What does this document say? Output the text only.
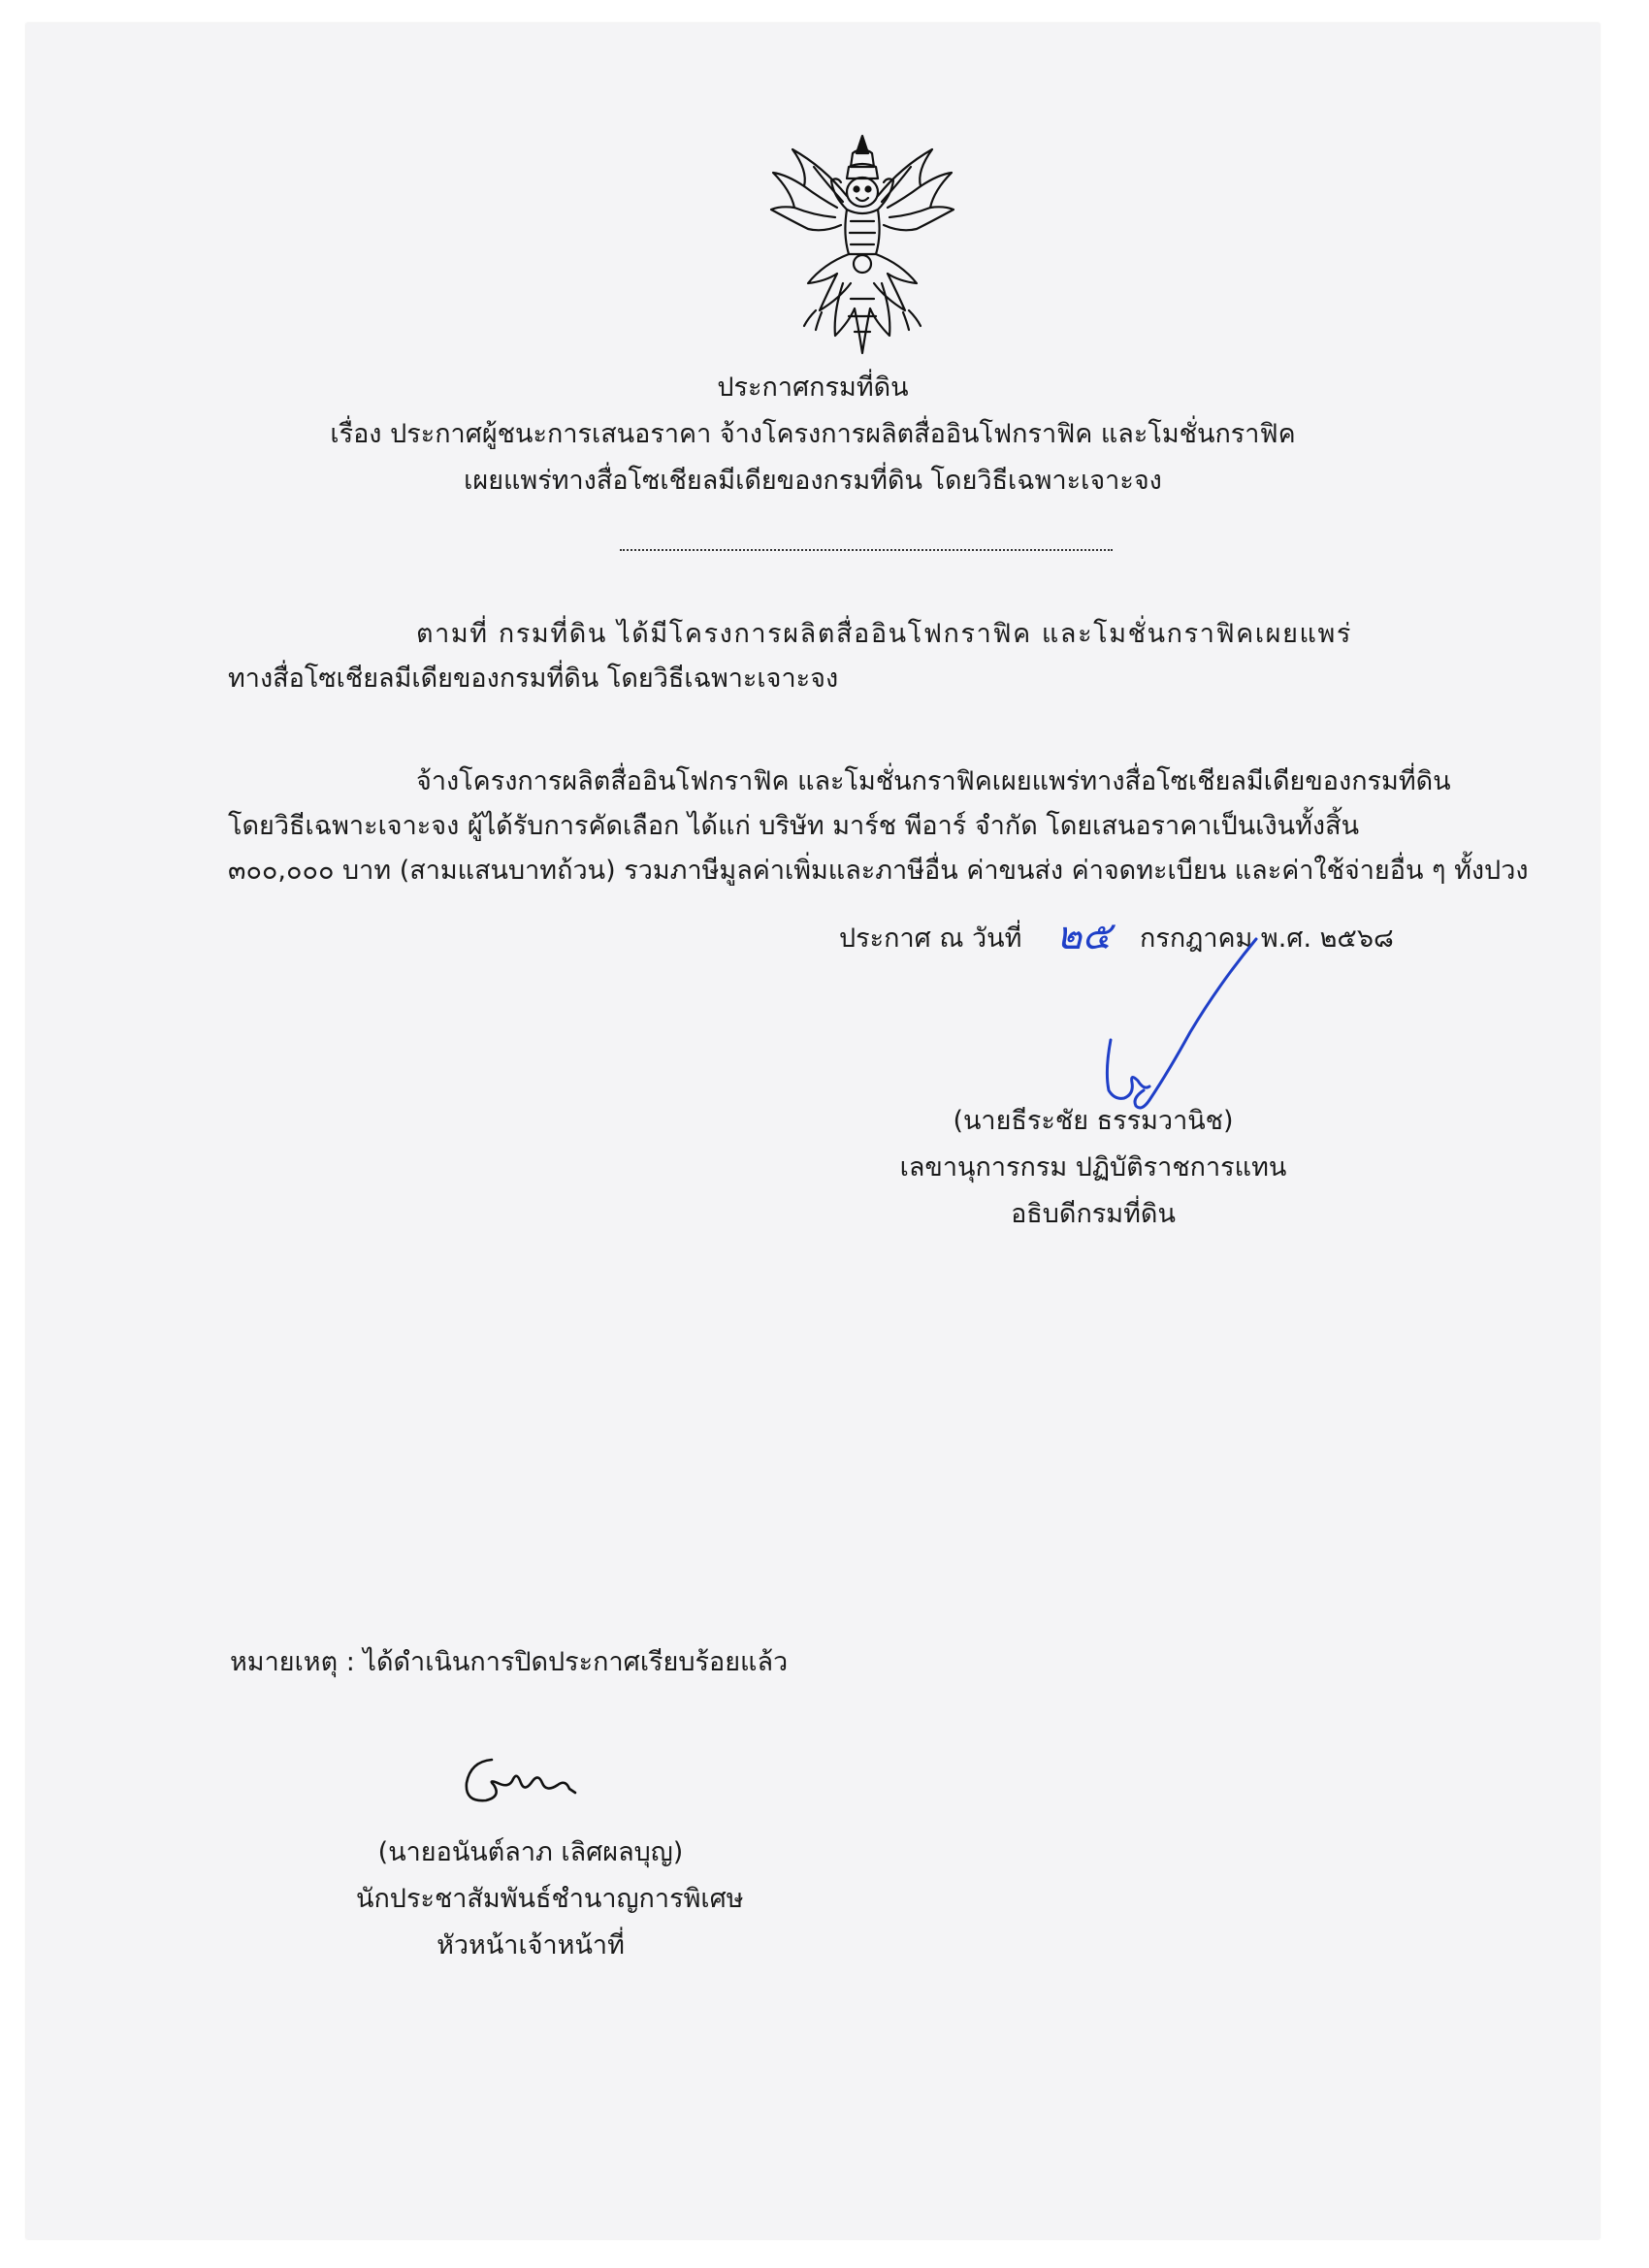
ประกาศกรมที่ดิน
เรื่อง ประกาศผู้ชนะการเสนอราคา จ้างโครงการผลิตสื่ออินโฟกราฟิค และโมชั่นกราฟิค
เผยแพร่ทางสื่อโซเชียลมีเดียของกรมที่ดิน โดยวิธีเฉพาะเจาะจง
ตามที่ กรมที่ดิน ได้มีโครงการผลิตสื่ออินโฟกราฟิค และโมชั่นกราฟิคเผยแพร่
ทางสื่อโซเชียลมีเดียของกรมที่ดิน โดยวิธีเฉพาะเจาะจง
จ้างโครงการผลิตสื่ออินโฟกราฟิค และโมชั่นกราฟิคเผยแพร่ทางสื่อโซเชียลมีเดียของกรมที่ดิน
โดยวิธีเฉพาะเจาะจง ผู้ได้รับการคัดเลือก ได้แก่ บริษัท มาร์ช พีอาร์ จำกัด โดยเสนอราคาเป็นเงินทั้งสิ้น
๓๐๐,๐๐๐ บาท (สามแสนบาทถ้วน) รวมภาษีมูลค่าเพิ่มและภาษีอื่น ค่าขนส่ง ค่าจดทะเบียน และค่าใช้จ่ายอื่น ๆ ทั้งปวง
ประกาศ ณ วันที่ ๒๕ กรกฎาคม พ.ศ. ๒๕๖๘
(นายธีระชัย ธรรมวานิช)
เลขานุการกรม ปฏิบัติราชการแทน
อธิบดีกรมที่ดิน
หมายเหตุ : ได้ดำเนินการปิดประกาศเรียบร้อยแล้ว
(นายอนันต์ลาภ เลิศผลบุญ)
นักประชาสัมพันธ์ชำนาญการพิเศษ
หัวหน้าเจ้าหน้าที่
